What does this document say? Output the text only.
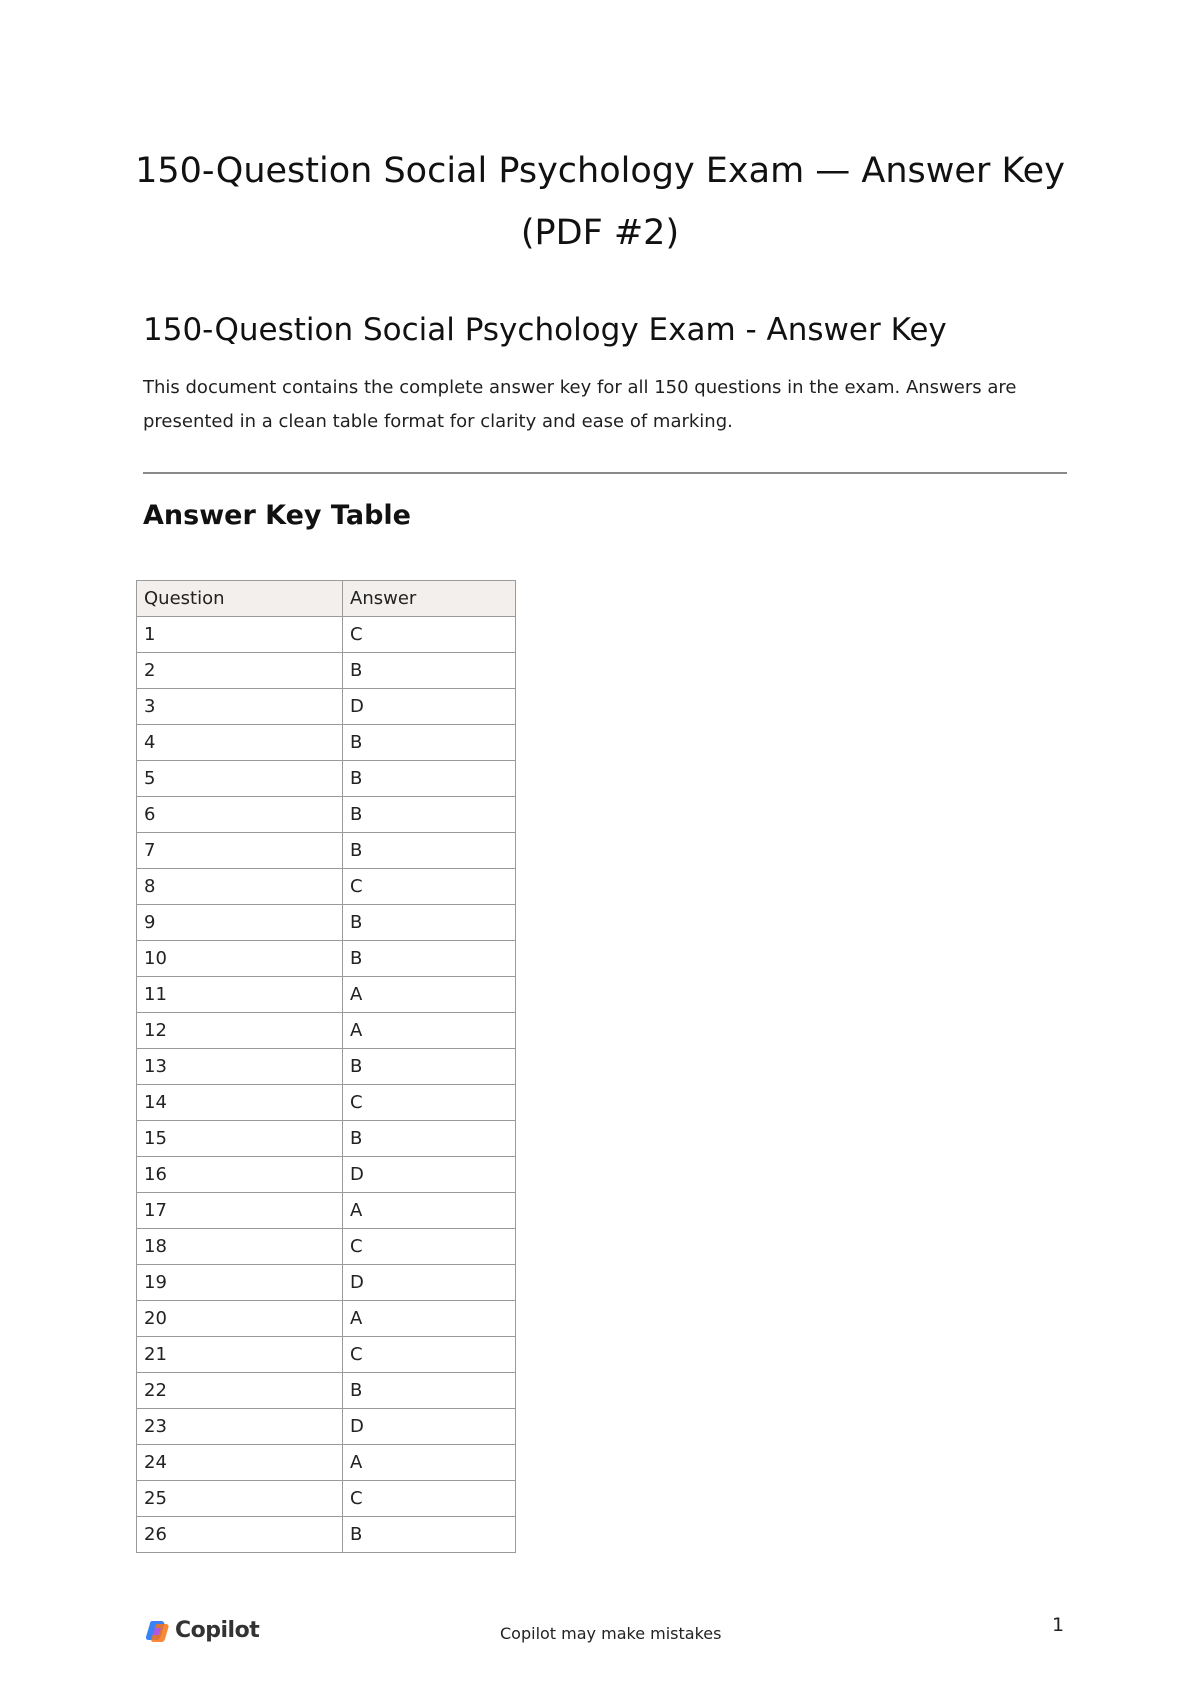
150-Question Social Psychology Exam — Answer Key (PDF #2)
150-Question Social Psychology Exam - Answer Key

This document contains the complete answer key for all 150 questions in the exam. Answers are presented in a clean table format for clarity and ease of marking.

Answer Key Table
Question	Answer
1	C
2	B
3	D
4	B
5	B
6	B
7	B
8	C
9	B
10	B
11	A
12	A
13	B
14	C
15	B
16	D
17	A
18	C
19	D
20	A
21	C
22	B
23	D
24	A
25	C
26	B
Copilot	Copilot may make mistakes	1
